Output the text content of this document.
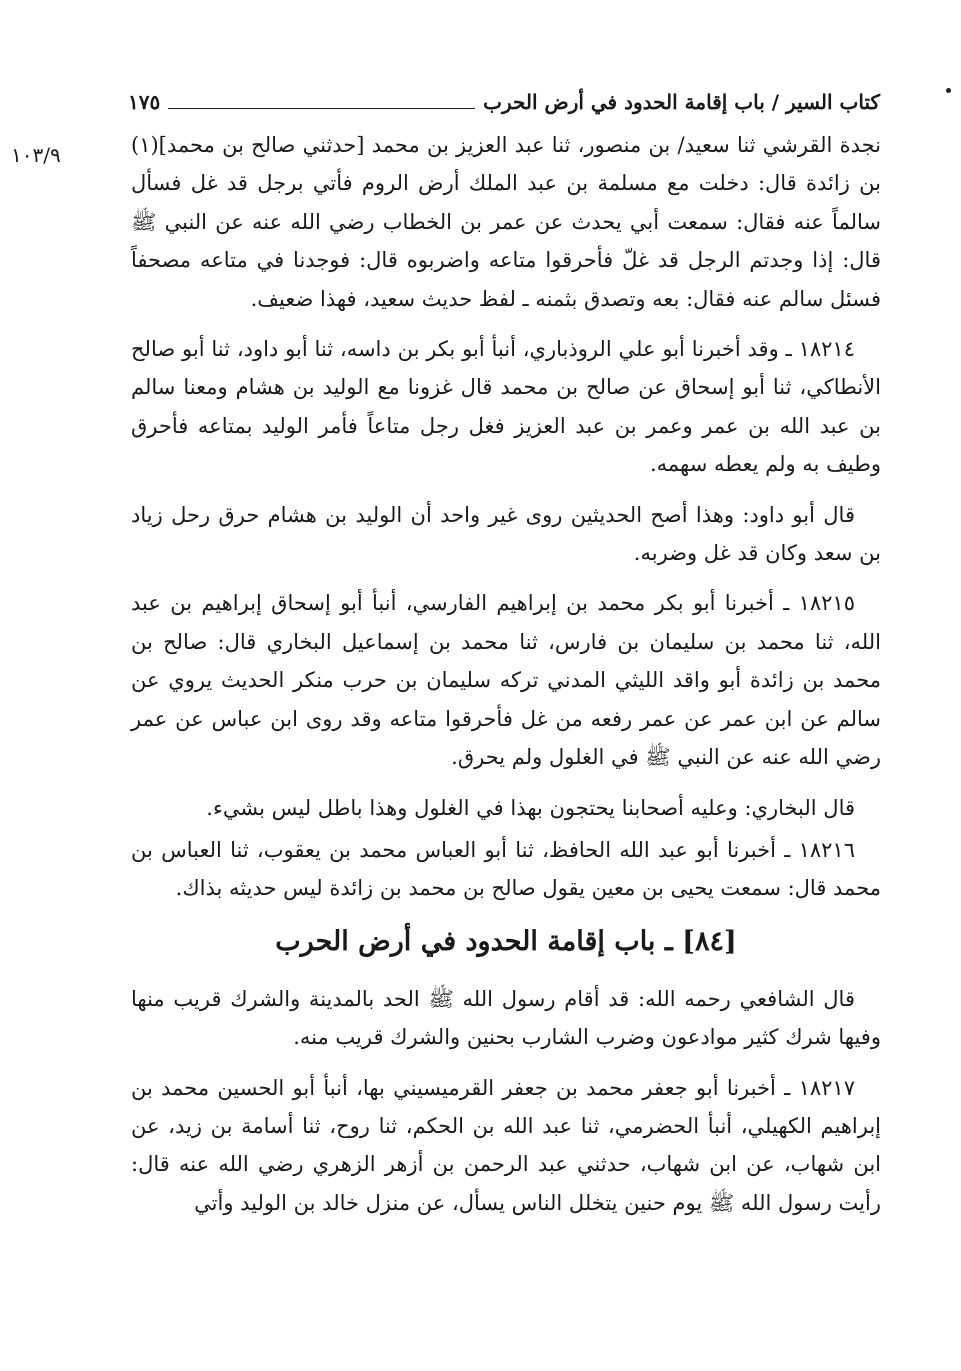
كتاب السير / باب إقامة الحدود في أرض الحرب
١٧٥
١٠٣/٩	نجدة القرشي ثنا سعيد/ بن منصور، ثنا عبد العزيز بن محمد [حدثني صالح بن محمد](١) بن زائدة قال: دخلت مع مسلمة بن عبد الملك أرض الروم فأتي برجل قد غل فسأل سالماً عنه فقال: سمعت أبي يحدث عن عمر بن الخطاب رضي الله عنه عن النبي ﷺ قال: إذا وجدتم الرجل قد غلّ فأحرقوا متاعه واضربوه قال: فوجدنا في متاعه مصحفاً فسئل سالم عنه فقال: بعه وتصدق بثمنه ـ لفظ حديث سعيد، فهذا ضعيف.

١٨٢١٤ ـ وقد أخبرنا أبو علي الروذباري، أنبأ أبو بكر بن داسه، ثنا أبو داود، ثنا أبو صالح الأنطاكي، ثنا أبو إسحاق عن صالح بن محمد قال غزونا مع الوليد بن هشام ومعنا سالم بن عبد الله بن عمر وعمر بن عبد العزيز فغل رجل متاعاً فأمر الوليد بمتاعه فأحرق وطيف به ولم يعطه سهمه.

قال أبو داود: وهذا أصح الحديثين روى غير واحد أن الوليد بن هشام حرق رحل زياد بن سعد وكان قد غل وضربه.

١٨٢١٥ ـ أخبرنا أبو بكر محمد بن إبراهيم الفارسي، أنبأ أبو إسحاق إبراهيم بن عبد الله، ثنا محمد بن سليمان بن فارس، ثنا محمد بن إسماعيل البخاري قال: صالح بن محمد بن زائدة أبو واقد الليثي المدني تركه سليمان بن حرب منكر الحديث يروي عن سالم عن ابن عمر عن عمر رفعه من غل فأحرقوا متاعه وقد روى ابن عباس عن عمر رضي الله عنه عن النبي ﷺ في الغلول ولم يحرق.

قال البخاري: وعليه أصحابنا يحتجون بهذا في الغلول وهذا باطل ليس بشيء.

١٨٢١٦ ـ أخبرنا أبو عبد الله الحافظ، ثنا أبو العباس محمد بن يعقوب، ثنا العباس بن محمد قال: سمعت يحيى بن معين يقول صالح بن محمد بن زائدة ليس حديثه بذاك.

[٨٤] ـ باب إقامة الحدود في أرض الحرب

قال الشافعي رحمه الله: قد أقام رسول الله ﷺ الحد بالمدينة والشرك قريب منها وفيها شرك كثير موادعون وضرب الشارب بحنين والشرك قريب منه.

١٨٢١٧ ـ أخبرنا أبو جعفر محمد بن جعفر القرميسيني بها، أنبأ أبو الحسين محمد بن إبراهيم الكهيلي، أنبأ الحضرمي، ثنا عبد الله بن الحكم، ثنا روح، ثنا أسامة بن زيد، عن ابن شهاب، عن ابن شهاب، حدثني عبد الرحمن بن أزهر الزهري رضي الله عنه قال: رأيت رسول الله ﷺ يوم حنين يتخلل الناس يسأل، عن منزل خالد بن الوليد وأتي
